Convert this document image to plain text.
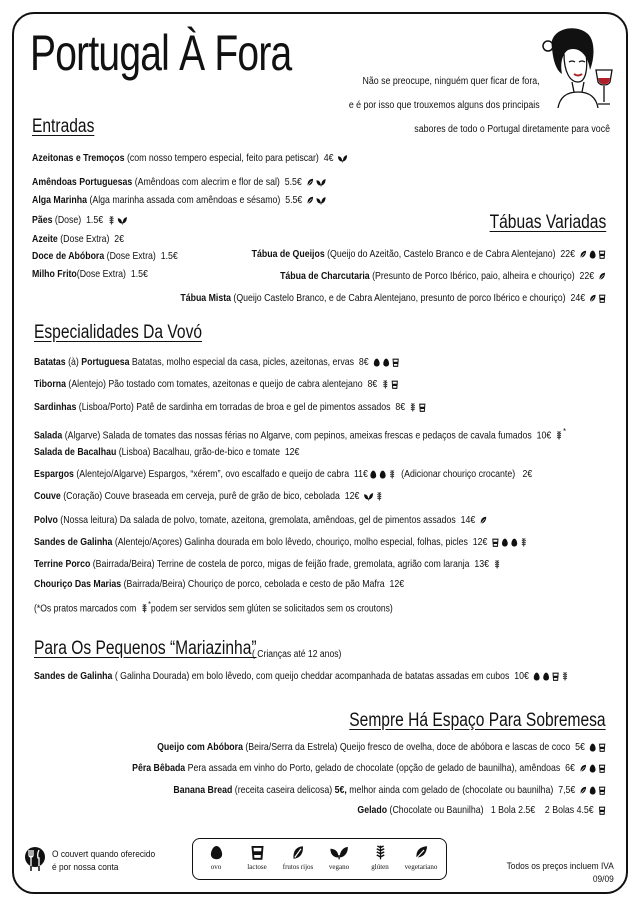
Portugal À Fora
Não se preocupe, ninguém quer ficar de fora,
e é por isso que trouxemos alguns dos principais
sabores de todo o Portugal diretamente para você
Entradas
Azeitonas e Tremoços (com nosso tempero especial, feito para petiscar)  4€
Amêndoas Portuguesas (Amêndoas com alecrim e flor de sal)  5.5€
Alga Marinha (Alga marinha assada com amêndoas e sésamo)  5.5€
Pães (Dose)  1.5€
Azeite (Dose Extra)  2€
Doce de Abóbora (Dose Extra)  1.5€
Milho Frito(Dose Extra)  1.5€
Tábuas Variadas
Tábua de Queijos (Queijo do Azeitão, Castelo Branco e de Cabra Alentejano)  22€
Tábua de Charcutaria (Presunto de Porco Ibérico, paio, alheira e chouriço)  22€
Tábua Mista (Queijo Castelo Branco, e de Cabra Alentejano, presunto de porco Ibérico e chouriço)  24€
Especialidades Da Vovó
Batatas (à) Portuguesa Batatas, molho especial da casa, picles, azeitonas, ervas  8€
Tiborna (Alentejo) Pão tostado com tomates, azeitonas e queijo de cabra alentejano  8€
Sardinhas (Lisboa/Porto) Patê de sardinha em torradas de broa e gel de pimentos assados  8€
Salada (Algarve) Salada de tomates das nossas férias no Algarve, com pepinos, ameixas frescas e pedaços de cavala fumados  10€ *
Salada de Bacalhau (Lisboa) Bacalhau, grão-de-bico e tomate  12€
Espargos (Alentejo/Algarve) Espargos, “xérem”, ovo escalfado e queijo de cabra  11€	(Adicionar chouriço crocante)   2€
Couve (Coração) Couve braseada em cerveja, purê de grão de bico, cebolada  12€
Polvo (Nossa leitura) Da salada de polvo, tomate, azeitona, gremolata, amêndoas, gel de pimentos assados  14€
Sandes de Galinha (Alentejo/Açores) Galinha dourada em bolo lêvedo, chouriço, molho especial, folhas, picles  12€
Terrine Porco (Bairrada/Beira) Terrine de costela de porco, migas de feijão frade, gremolata, agrião com laranja  13€
Chouriço Das Marias (Bairrada/Beira) Chouriço de porco, cebolada e cesto de pão Mafra  12€
(*Os pratos marcados com
*podem ser servidos sem glúten se solicitados sem os croutons)
Para Os Pequenos “Mariazinha”
( Crianças até 12 anos)
Sandes de Galinha ( Galinha Dourada) em bolo lêvedo, com queijo cheddar acompanhada de batatas assadas em cubos  10€
Sempre Há Espaço Para Sobremesa
Queijo com Abóbora (Beira/Serra da Estrela) Queijo fresco de ovelha, doce de abóbora e lascas de coco  5€
Pêra Bêbada Pera assada em vinho do Porto, gelado de chocolate (opção de gelado de baunilha), amêndoas  6€
Banana Bread (receita caseira delicosa) 5€, melhor ainda com gelado de (chocolate ou baunilha)  7,5€
Gelado (Chocolate ou Baunilha)   1 Bola 2.5€    2 Bolas 4.5€
O couvert quando oferecido
é por nossa conta	Todos os preços incluem IVA
09/09
ovo	lactose	frutos rijos	vegano	glúten	vegetariano
